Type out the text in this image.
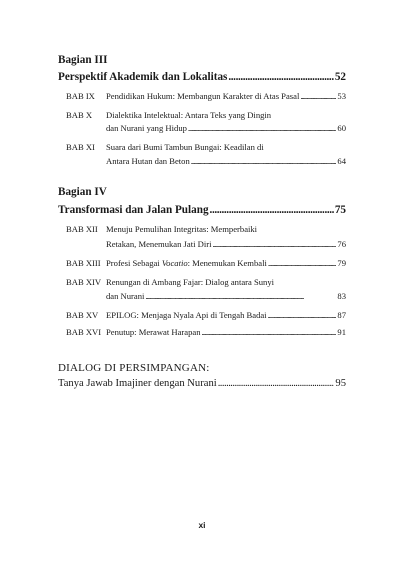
Bagian III
Perspektif Akademik dan Lokalitas . . .	52
BAB IX Pendidikan Hukum: Membangun Karakter di Atas Pasal . . .	53
BAB X Dialektika Intelektual: Antara Teks yang Dingin
dan Nurani yang Hidup . . .	60
BAB XI Suara dari Bumi Tambun Bungai: Keadilan di
Antara Hutan dan Beton . . .	64
Bagian IV
Transformasi dan Jalan Pulang . . .	75
BAB XII Menuju Pemulihan Integritas: Memperbaiki
Retakan, Menemukan Jati Diri . . .	76
BAB XIII Profesi Sebagai Vocatio: Menemukan Kembali . . .	79
BAB XIV Renungan di Ambang Fajar: Dialog antara Sunyi
dan Nurani . . .	83
BAB XV EPILOG: Menjaga Nyala Api di Tengah Badai . . .	87
BAB XVI Penutup: Merawat Harapan . . .	91
DIALOG DI PERSIMPANGAN:
Tanya Jawab Imajiner dengan Nurani . . .	95
xi
